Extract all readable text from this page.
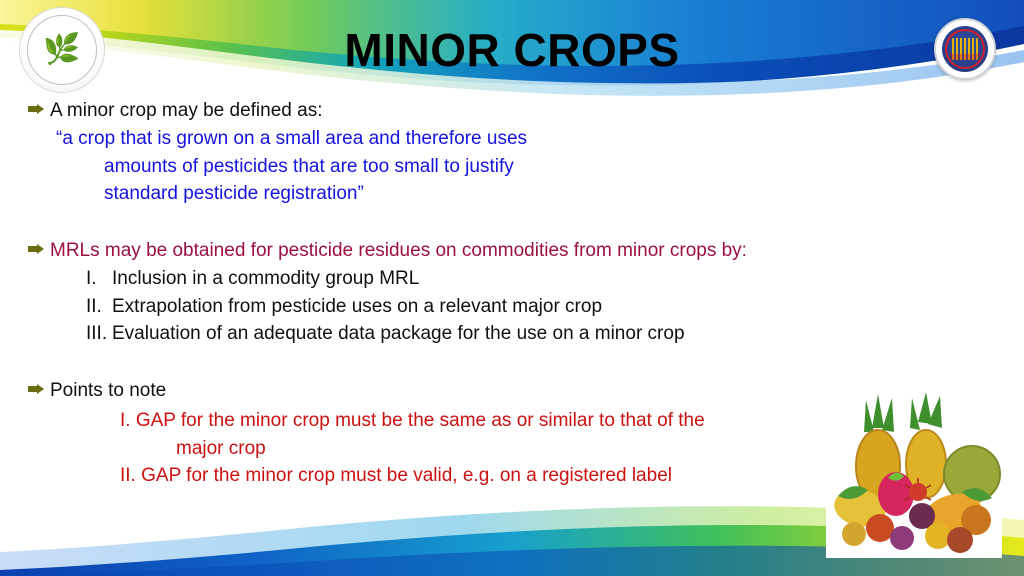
🌿	MINOR CROPS
A minor crop may be defined as:
“a crop that is grown on a small area and therefore uses
amounts of pesticides that are too small to justify
standard pesticide registration”
MRLs may be obtained for pesticide residues on commodities from minor crops by:
I. Inclusion in a commodity group MRL
II. Extrapolation from pesticide uses on a relevant major crop
III. Evaluation of an adequate data package for the use on a minor crop
Points to note
I. GAP for the minor crop must be the same as or similar to that of the
major crop
II. GAP for the minor crop must be valid, e.g. on a registered label
